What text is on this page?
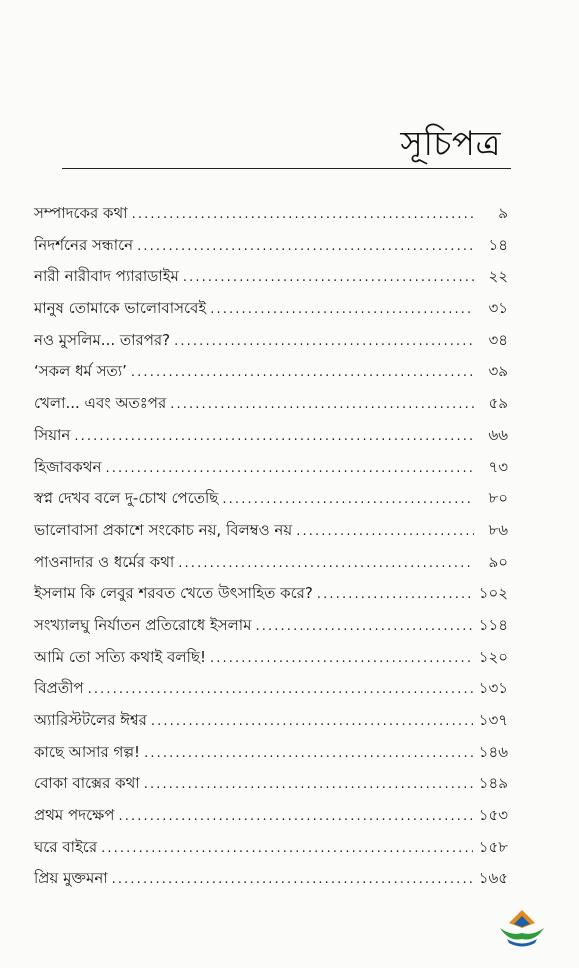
সূচিপত্র
সম্পাদকের কথা . . .	৯
নিদর্শনের সন্ধানে . . .	১৪
নারী নারীবাদ প্যারাডাইম . . .	২২
মানুষ তোমাকে ভালোবাসবেই . . .	৩১
নও মুসলিম... তারপর? . . .	৩৪
‘সকল ধর্ম সত্য’ . . .	৩৯
খেলা... এবং অতঃপর . . .	৫৯
সিয়ান . . .	৬৬
হিজাবকথন . . .	৭৩
স্বপ্ন দেখব বলে দু-চোখ পেতেছি . . .	৮০
ভালোবাসা প্রকাশে সংকোচ নয়, বিলম্বও নয় . . .	৮৬
পাওনাদার ও ধর্মের কথা . . .	৯০
ইসলাম কি লেবুর শরবত খেতে উৎসাহিত করে? . . .	১০২
সংখ্যালঘু নির্যাতন প্রতিরোধে ইসলাম . . .	১১৪
আমি তো সত্যি কথাই বলছি! . . .	১২০
বিপ্রতীপ . . .	১৩১
অ্যারিস্টটলের ঈশ্বর . . .	১৩৭
কাছে আসার গল্প! . . .	১৪৬
বোকা বাক্সের কথা . . .	১৪৯
প্রথম পদক্ষেপ . . .	১৫৩
ঘরে বাইরে . . .	১৫৮
প্রিয় মুক্তমনা . . .	১৬৫
